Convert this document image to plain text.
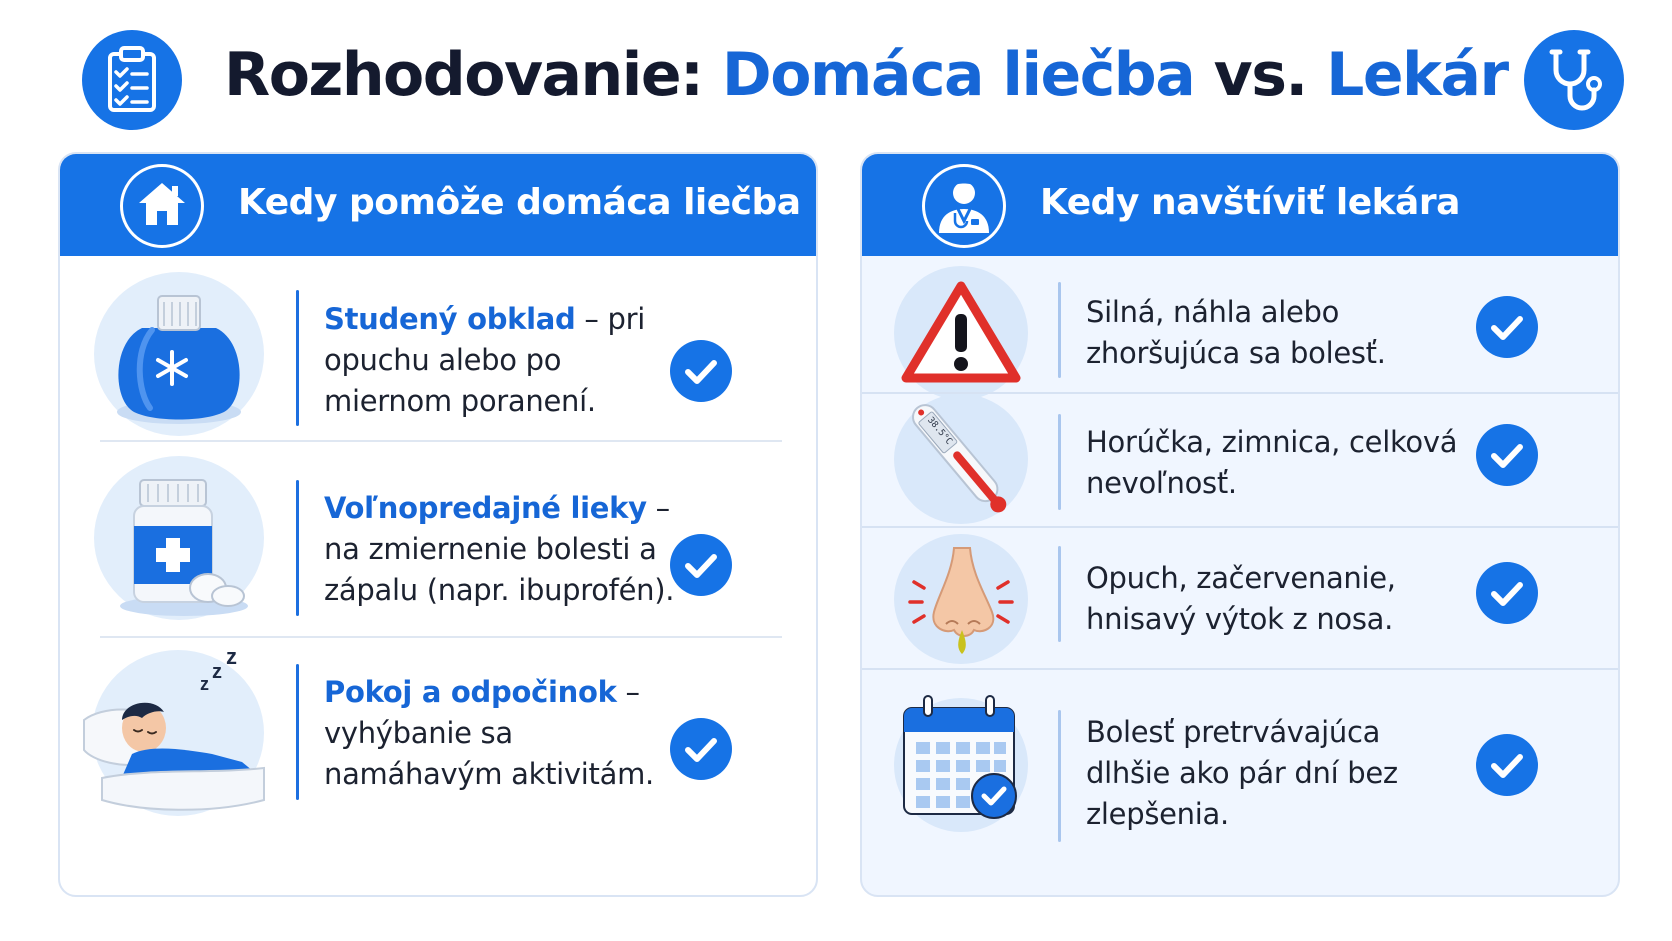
Rozhodovanie: Domáca liečba vs. Lekár
Kedy pomôže domáca liečba
Studený obklad – pri opuchu alebo po miernom poranení.
Voľnopredajné lieky – na zmiernenie bolesti a zápalu (napr. ibuprofén).
z
z
z
Pokoj a odpočinok – vyhýbanie sa namáhavým aktivitám.
Kedy navštíviť lekára
Silná, náhla alebo zhoršujúca sa bolesť.
38.5°C	Horúčka, zimnica, celková nevoľnosť.
Opuch, začervenanie, hnisavý výtok z nosa.
Bolesť pretrvávajúca dlhšie ako pár dní bez zlepšenia.
